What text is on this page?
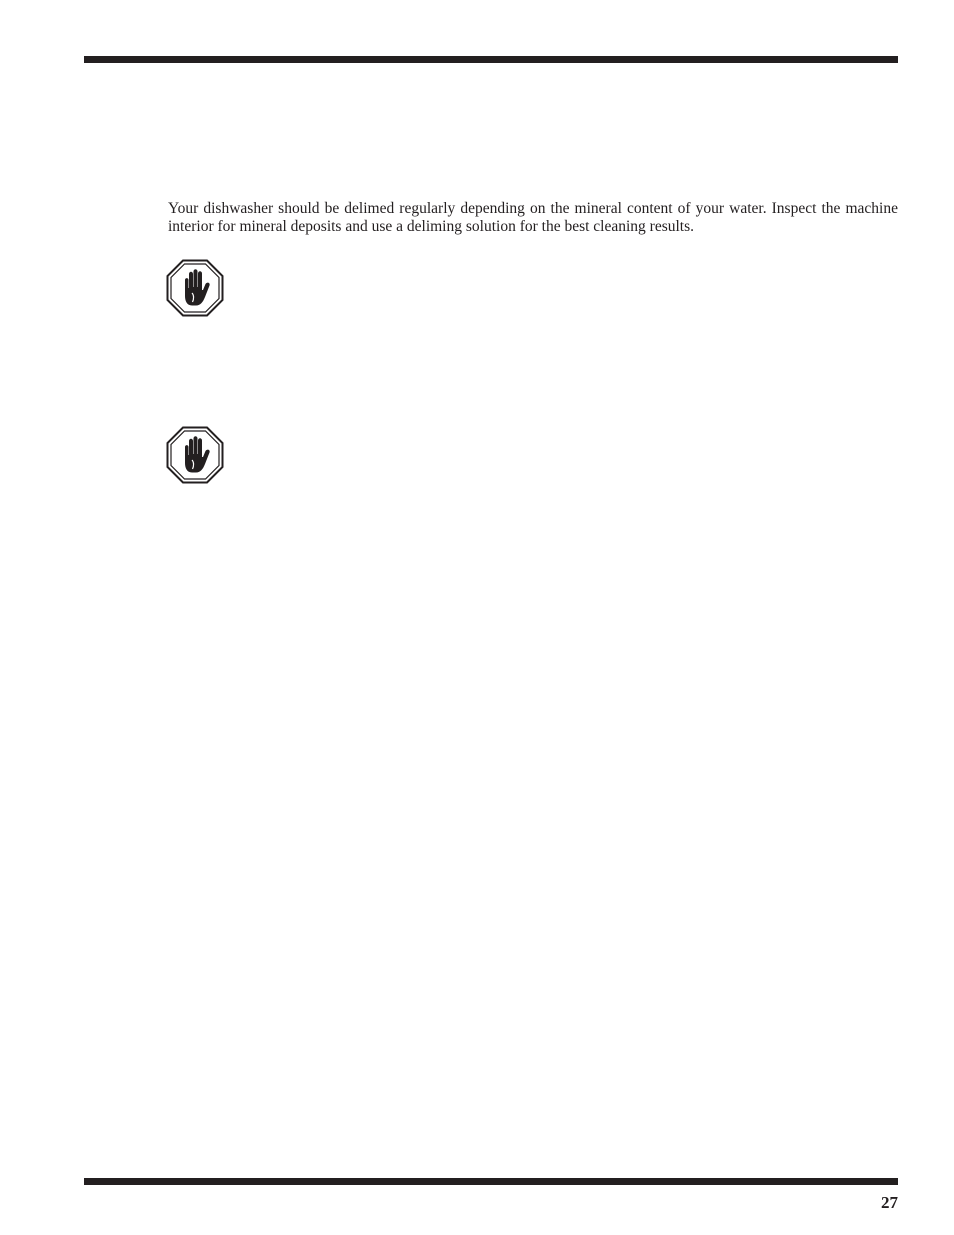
Your dishwasher should be delimed regularly depending on the mineral content of your water. Inspect the machine interior for mineral deposits and use a deliming solution for the best cleaning results.

27
